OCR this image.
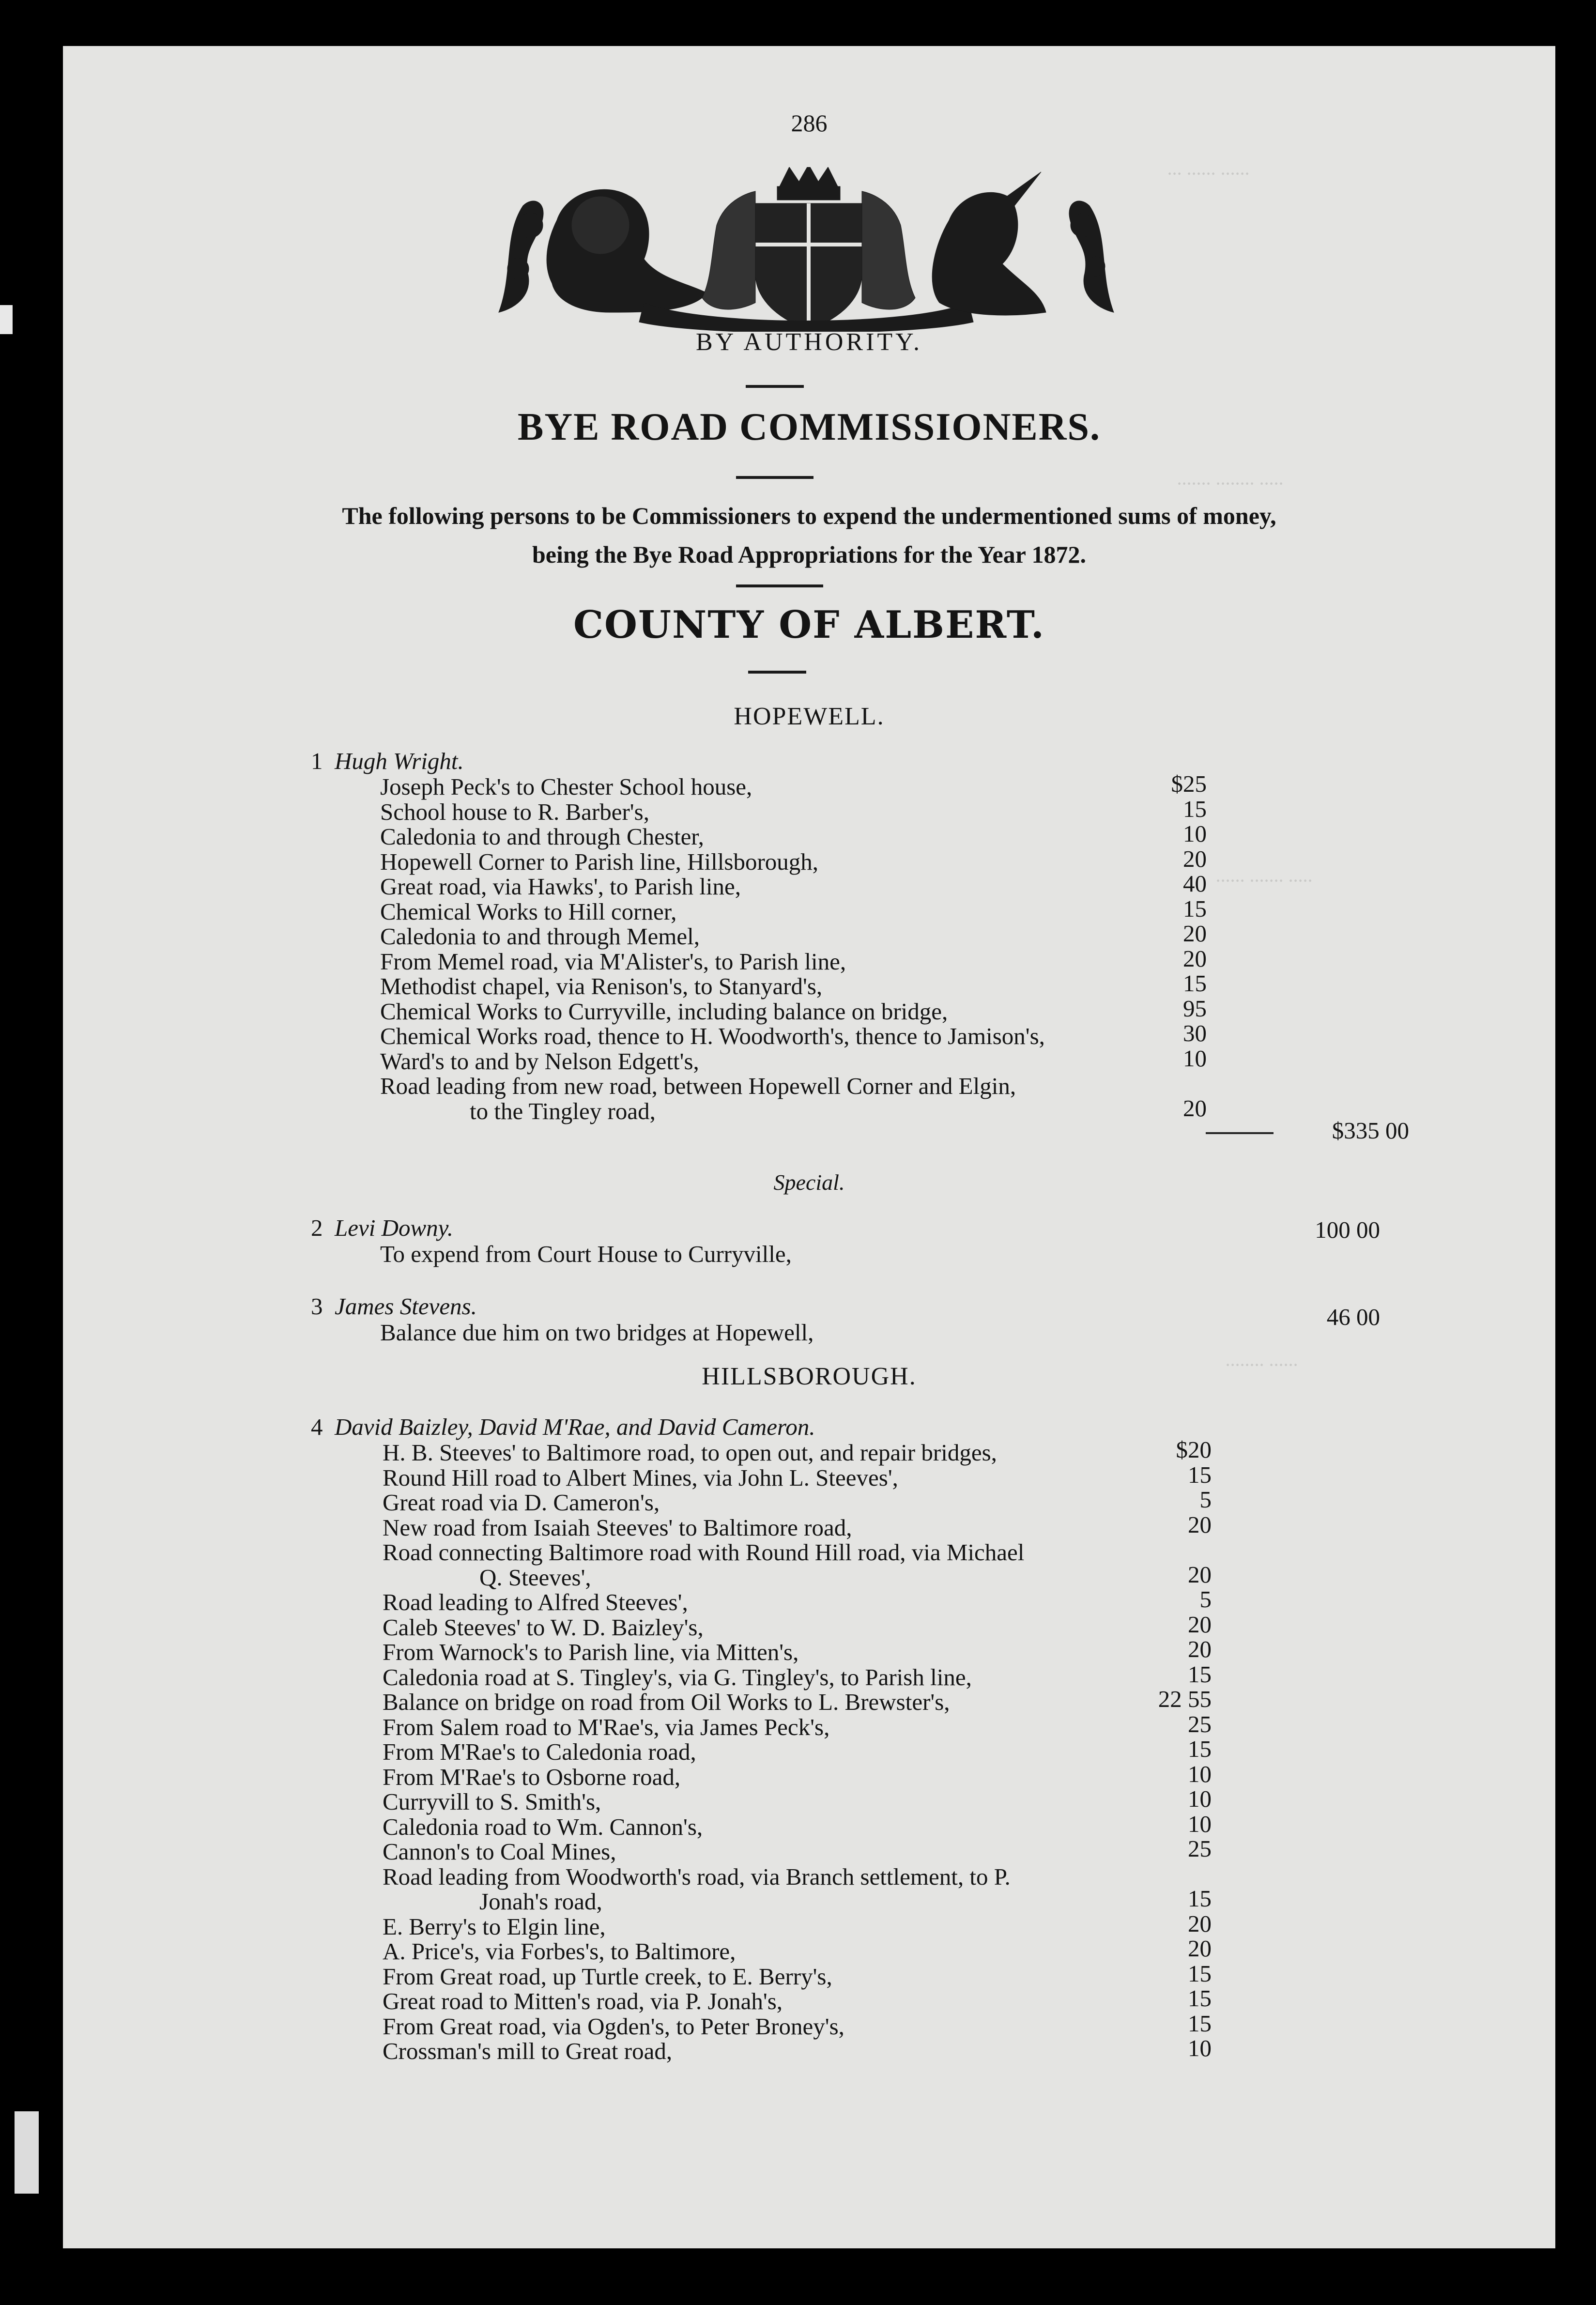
··· ······ ······
······· ········ ·····
······ ······· ·····
········ ······
286
BY AUTHORITY.
BYE ROAD COMMISSIONERS.
The following persons to be Commissioners to expend the undermentioned sums of money,
being the Bye Road Appropriations for the Year 1872.
COUNTY OF ALBERT.
HOPEWELL.
1 Hugh Wright.
Joseph Peck's to Chester School house,	$25
School house to R. Barber's,	15
Caledonia to and through Chester,	10
Hopewell Corner to Parish line, Hillsborough,	20
Great road, via Hawks', to Parish line,	40
Chemical Works to Hill corner,	15
Caledonia to and through Memel,	20
From Memel road, via M'Alister's, to Parish line,	20
Methodist chapel, via Renison's, to Stanyard's,	15
Chemical Works to Curryville, including balance on bridge,	95
Chemical Works road, thence to H. Woodworth's, thence to Jamison's,	30
Ward's to and by Nelson Edgett's,	10
Road leading from new road, between Hopewell Corner and Elgin,
to the Tingley road,	20
$335 00
Special.
2 Levi Downy.
To expend from Court House to Curryville,
100 00
3 James Stevens.
Balance due him on two bridges at Hopewell,
46 00
HILLSBOROUGH.
4 David Baizley, David M'Rae, and David Cameron.
H. B. Steeves' to Baltimore road, to open out, and repair bridges,	$20
Round Hill road to Albert Mines, via John L. Steeves',	15
Great road via D. Cameron's,	5
New road from Isaiah Steeves' to Baltimore road,	20
Road connecting Baltimore road with Round Hill road, via Michael
Q. Steeves',	20
Road leading to Alfred Steeves',	5
Caleb Steeves' to W. D. Baizley's,	20
From Warnock's to Parish line, via Mitten's,	20
Caledonia road at S. Tingley's, via G. Tingley's, to Parish line,	15
Balance on bridge on road from Oil Works to L. Brewster's,	22 55
From Salem road to M'Rae's, via James Peck's,	25
From M'Rae's to Caledonia road,	15
From M'Rae's to Osborne road,	10
Curryvill to S. Smith's,	10
Caledonia road to Wm. Cannon's,	10
Cannon's to Coal Mines,	25
Road leading from Woodworth's road, via Branch settlement, to P.
Jonah's road,	15
E. Berry's to Elgin line,	20
A. Price's, via Forbes's, to Baltimore,	20
From Great road, up Turtle creek, to E. Berry's,	15
Great road to Mitten's road, via P. Jonah's,	15
From Great road, via Ogden's, to Peter Broney's,	15
Crossman's mill to Great road,	10
